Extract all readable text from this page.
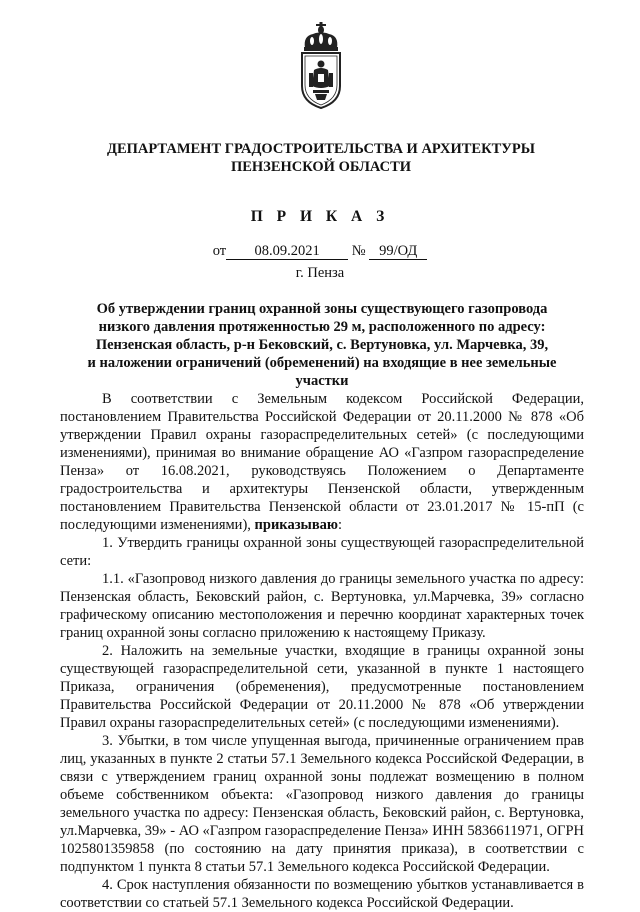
ДЕПАРТАМЕНТ ГРАДОСТРОИТЕЛЬСТВА И АРХИТЕКТУРЫ
ПЕНЗЕНСКОЙ ОБЛАСТИ
П Р И К А З
от 08.09.2021 № 99/ОД
г. Пенза
Об утверждении границ охранной зоны существующего газопровода
низкого давления протяженностью 29 м, расположенного по адресу:
Пензенская область, р-н Бековский, с. Вертуновка, ул. Марчевка, 39,
и наложении ограничений (обременений) на входящие в нее земельные участки

В соответствии с Земельным кодексом Российской Федерации, постановлением Правительства Российской Федерации от 20.11.2000 № 878 «Об утверждении Правил охраны газораспределительных сетей» (с последующими изменениями), принимая во внимание обращение АО «Газпром газораспределение Пенза» от 16.08.2021, руководствуясь Положением о Департаменте градостроительства и архитектуры Пензенской области, утвержденным постановлением Правительства Пензенской области от 23.01.2017 № 15-пП (с последующими изменениями), приказываю:

1. Утвердить границы охранной зоны существующей газораспределительной сети:

1.1. «Газопровод низкого давления до границы земельного участка по адресу: Пензенская область, Бековский район, с. Вертуновка, ул.Марчевка, 39» согласно графическому описанию местоположения и перечню координат характерных точек границ охранной зоны согласно приложению к настоящему Приказу.

2. Наложить на земельные участки, входящие в границы охранной зоны существующей газораспределительной сети, указанной в пункте 1 настоящего Приказа, ограничения (обременения), предусмотренные постановлением Правительства Российской Федерации от 20.11.2000 № 878 «Об утверждении Правил охраны газораспределительных сетей» (с последующими изменениями).

3. Убытки, в том числе упущенная выгода, причиненные ограничением прав лиц, указанных в пункте 2 статьи 57.1 Земельного кодекса Российской Федерации, в связи с утверждением границ охранной зоны подлежат возмещению в полном объеме собственником объекта: «Газопровод низкого давления до границы земельного участка по адресу: Пензенская область, Бековский район, с. Вертуновка, ул.Марчевка, 39» - АО «Газпром газораспределение Пенза» ИНН 5836611971, ОГРН 1025801359858 (по состоянию на дату принятия приказа), в соответствии с подпунктом 1 пункта 8 статьи 57.1 Земельного кодекса Российской Федерации.

4. Срок наступления обязанности по возмещению убытков устанавливается в соответствии со статьей 57.1 Земельного кодекса Российской Федерации.
